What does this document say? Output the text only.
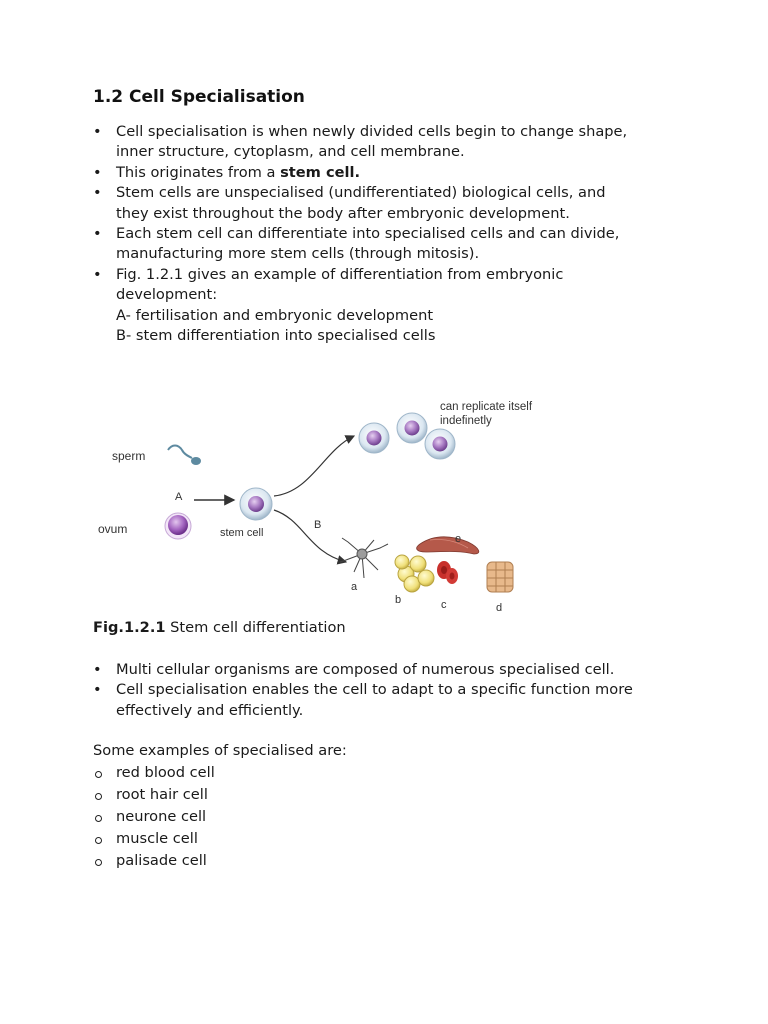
1.2 Cell Specialisation
• Cell specialisation is when newly divided cells begin to change shape,
inner structure, cytoplasm, and cell membrane.
• This originates from a stem cell.
• Stem cells are unspecialised (undifferentiated) biological cells, and
they exist throughout the body after embryonic development.
• Each stem cell can differentiate into specialised cells and can divide,
manufacturing more stem cells (through mitosis).
• Fig. 1.2.1 gives an example of differentiation from embryonic
development:
A- fertilisation and embryonic development
B- stem differentiation into specialised cells
sperm
ovum
A
stem cell
B
can replicate itself
indefinetly
a
b	c
e
d
Fig.1.2.1 Stem cell differentiation
• Multi cellular organisms are composed of numerous specialised cell.
• Cell specialisation enables the cell to adapt to a specific function more
effectively and efficiently.
Some examples of specialised are:
red blood cell
root hair cell
neurone cell
muscle cell
palisade cell
